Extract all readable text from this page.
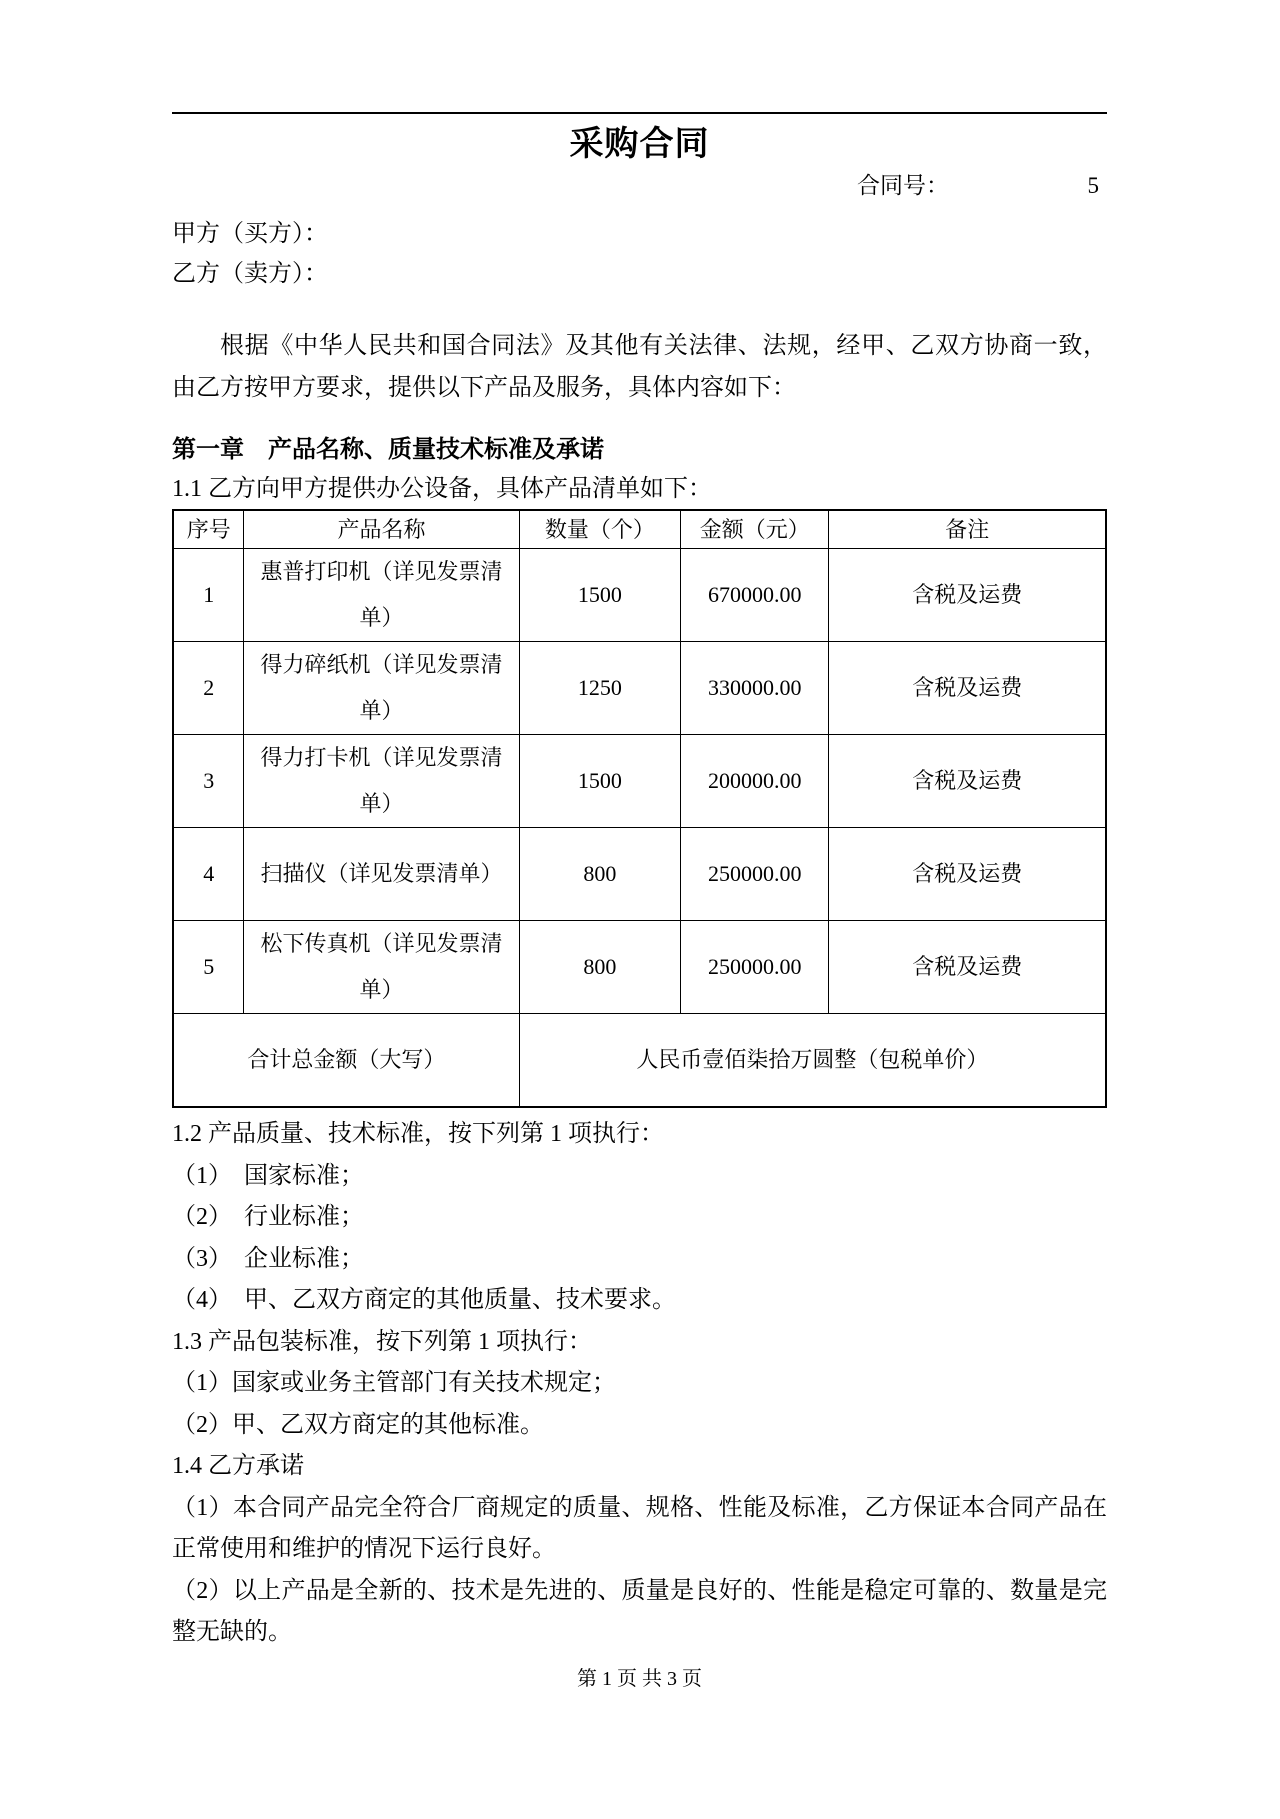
采购合同
合同号：	5

甲方（买方）：

乙方（卖方）：

根据《中华人民共和国合同法》及其他有关法律、法规，经甲、乙双方协商一致，由乙方按甲方要求，提供以下产品及服务，具体内容如下：

第一章　产品名称、质量技术标准及承诺

1.1 乙方向甲方提供办公设备，具体产品清单如下：

序号	产品名称	数量（个）	金额（元）	备注
1	惠普打印机（详见发票清单）	1500	670000.00	含税及运费
2	得力碎纸机（详见发票清单）	1250	330000.00	含税及运费
3	得力打卡机（详见发票清单）	1500	200000.00	含税及运费
4	扫描仪（详见发票清单）	800	250000.00	含税及运费
5	松下传真机（详见发票清单）	800	250000.00	含税及运费
合计总金额（大写）		人民币壹佰柒拾万圆整（包税单价）		

1.2 产品质量、技术标准，按下列第 1 项执行：

（1）　国家标准；

（2）　行业标准；

（3）　企业标准；

（4）　甲、乙双方商定的其他质量、技术要求。

1.3 产品包装标准，按下列第 1 项执行：

（1）国家或业务主管部门有关技术规定；

（2）甲、乙双方商定的其他标准。

1.4 乙方承诺

（1）本合同产品完全符合厂商规定的质量、规格、性能及标准，乙方保证本合同产品在正常使用和维护的情况下运行良好。

（2）以上产品是全新的、技术是先进的、质量是良好的、性能是稳定可靠的、数量是完整无缺的。

第 1 页 共 3 页
